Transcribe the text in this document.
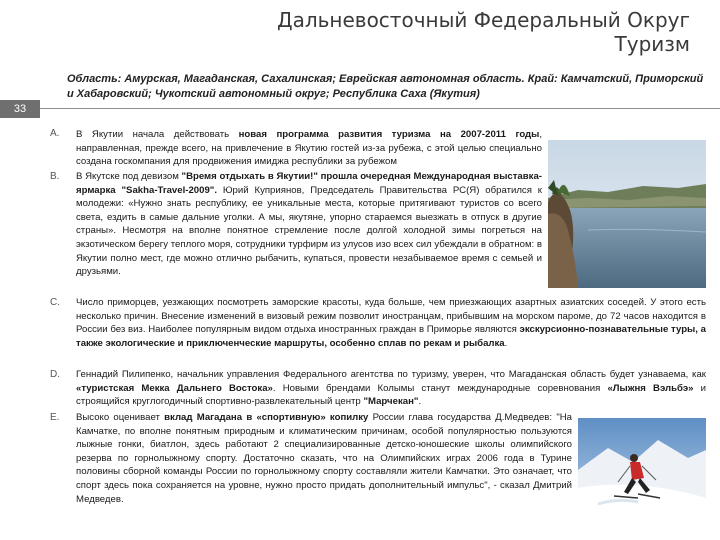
Дальневосточный Федеральный Округ
Туризм
Область: Амурская, Магаданская, Сахалинская; Еврейская автономная область. Край: Камчатский, Приморский и Хабаровский; Чукотский автономный округ; Республика Саха (Якутия)
33
A. В Якутии начала действовать новая программа развития туризма на 2007-2011 годы, направленная, прежде всего, на привлечение в Якутию гостей из-за рубежа, с этой целью специально создана госкомпания для продвижения имиджа республики за рубежом
B. В Якутске под девизом "Время отдыхать в Якутии!" прошла очередная Международная выставка-ярмарка "Sakha-Travel-2009". Юрий Куприянов, Председатель Правительства РС(Я) обратился к молодежи: «Нужно знать республику, ее уникальные места, которые притягивают туристов со всего света, ездить в самые дальние уголки. А мы, якутяне, упорно стараемся выезжать в отпуск в другие страны». Несмотря на вполне понятное стремление после долгой холодной зимы погреться на экзотическом берегу теплого моря, сотрудники турфирм из улусов изо всех сил убеждали в обратном: в Якутии полно мест, где можно отлично рыбачить, купаться, провести незабываемое время с семьей и друзьями.
C. Число приморцев, уезжающих посмотреть заморские красоты, куда больше, чем приезжающих азартных азиатских соседей. У этого есть несколько причин. Внесение изменений в визовый режим позволит иностранцам, прибывшим на морском пароме, до 72 часов находится в России без виз. Наиболее популярным видом отдыха иностранных граждан в Приморье являются экскурсионно-познавательные туры, а также экологические и приключенческие маршруты, особенно сплав по рекам и рыбалка.
D. Геннадий Пилипенко, начальник управления Федерального агентства по туризму, уверен, что Магаданская область будет узнаваема, как «туристская Мекка Дальнего Востока». Новыми брендами Колымы станут международные соревнования «Лыжня Вэльбэ» и строящийся круглогодичный спортивно-развлекательный центр "Марчекан".
E. Высоко оценивает вклад Магадана в «спортивную» копилку России глава государства Д.Медведев: "На Камчатке, по вполне понятным природным и климатическим причинам, особой популярностью пользуются лыжные гонки, биатлон, здесь работают 2 специализированные детско-юношеские школы олимпийского резерва по горнолыжному спорту. Достаточно сказать, что на Олимпийских играх 2006 года в Турине половины сборной команды России по горнолыжному спорту составляли жители Камчатки. Это означает, что спорт здесь пока сохраняется на уровне, нужно просто придать дополнительный импульс", - сказал Дмитрий Медведев.
